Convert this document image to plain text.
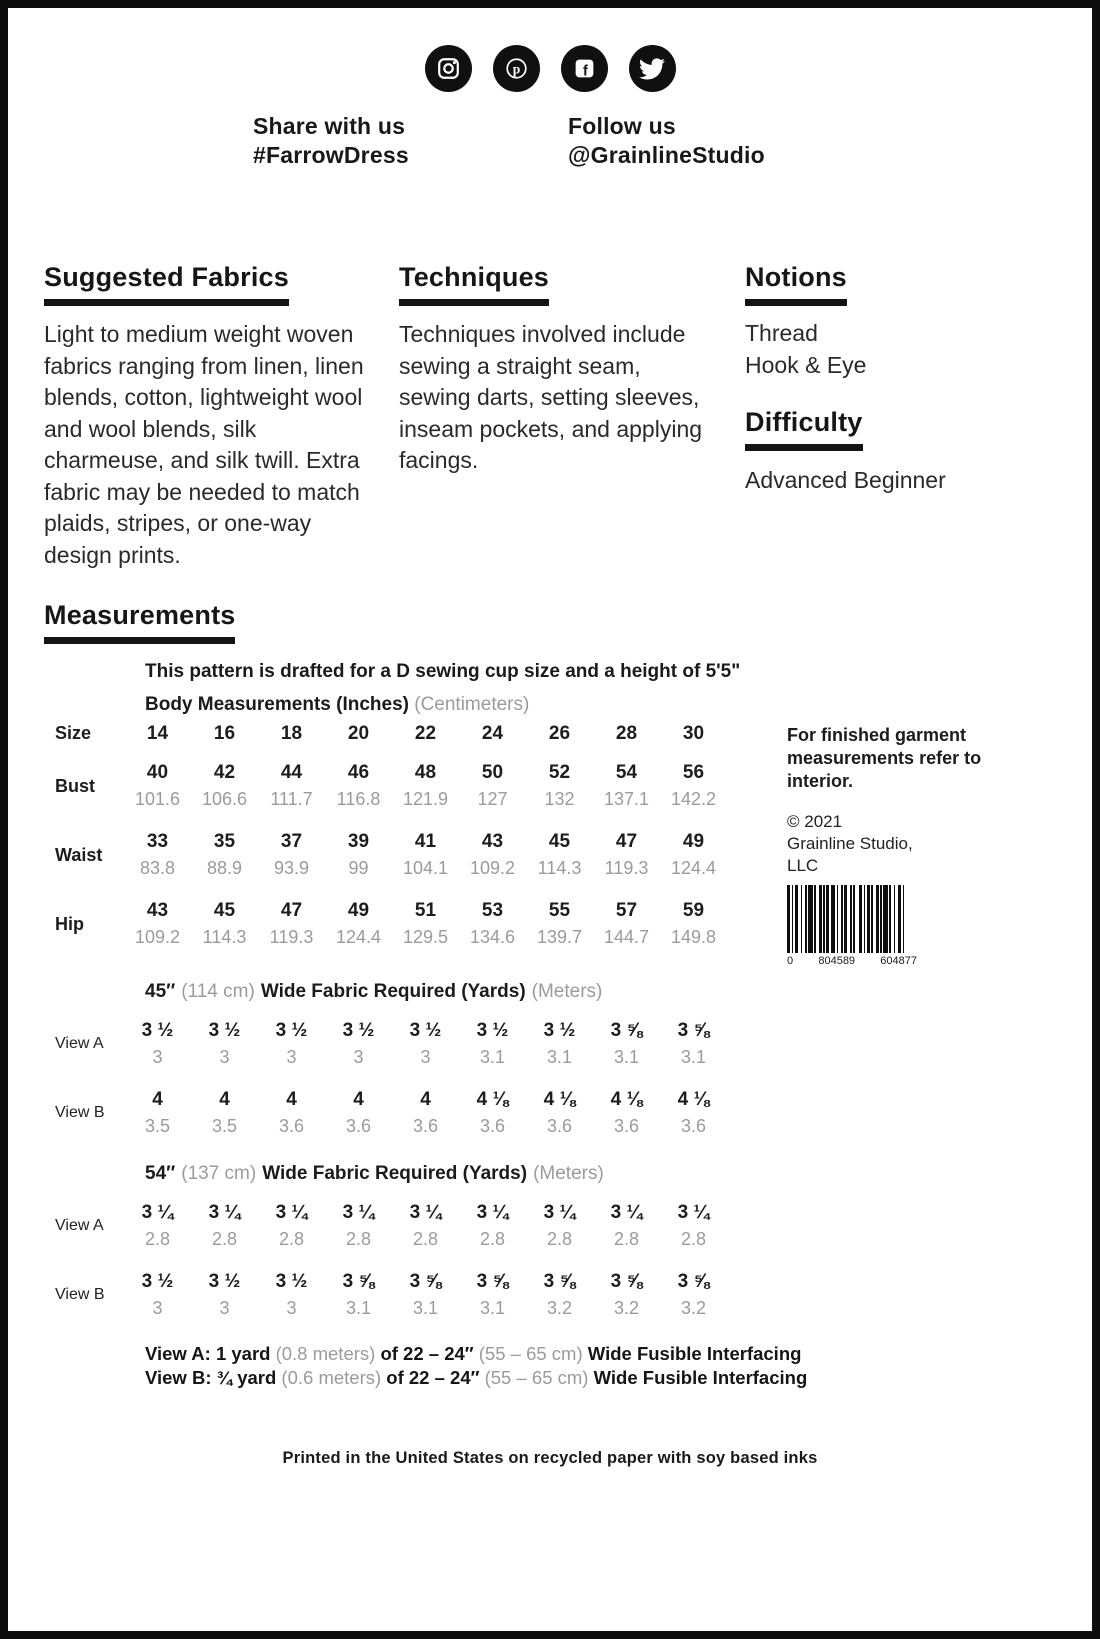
p	f
Share with us
#FarrowDress
Follow us
@GrainlineStudio
Suggested Fabrics

Light to medium weight woven fabrics ranging from linen, linen blends, cotton, lightweight wool and wool blends, silk charmeuse, and silk twill. Extra fabric may be needed to match plaids, stripes, or one-way design prints.

Techniques

Techniques involved include sewing a straight seam, sewing darts, setting sleeves, inseam pockets, and applying facings.

Notions
Thread
Hook & Eye
Difficulty
Advanced Beginner
Measurements
This pattern is drafted for a D sewing cup size and a height of 5'5"
Body Measurements (Inches) (Centimeters)
Size	14	16	18	20	22	24	26	28	30
Bust
40	42	44	46	48	50	52	54	56
101.6	106.6	111.7	116.8	121.9	127	132	137.1	142.2
Waist
33	35	37	39	41	43	45	47	49
83.8	88.9	93.9	99	104.1	109.2	114.3	119.3	124.4
Hip
43	45	47	49	51	53	55	57	59
109.2	114.3	119.3	124.4	129.5	134.6	139.7	144.7	149.8

For finished garment measurements refer to interior.

© 2021
Grainline Studio,
LLC
0 804589 604877
45″ (114 cm) Wide Fabric Required (Yards) (Meters)
View A
3 ½	3 ½	3 ½	3 ½	3 ½	3 ½	3 ½	3 ⅝	3 ⅝
3	3	3	3	3	3.1	3.1	3.1	3.1
View B
4	4	4	4	4	4 ⅛	4 ⅛	4 ⅛	4 ⅛
3.5	3.5	3.6	3.6	3.6	3.6	3.6	3.6	3.6
54″ (137 cm) Wide Fabric Required (Yards) (Meters)
View A
3 ¼	3 ¼	3 ¼	3 ¼	3 ¼	3 ¼	3 ¼	3 ¼	3 ¼
2.8	2.8	2.8	2.8	2.8	2.8	2.8	2.8	2.8
View B
3 ½	3 ½	3 ½	3 ⅝	3 ⅝	3 ⅝	3 ⅝	3 ⅝	3 ⅝
3	3	3	3.1	3.1	3.1	3.2	3.2	3.2
View A: 1 yard (0.8 meters) of 22 – 24″ (55 – 65 cm) Wide Fusible Interfacing
View B: ¾ yard (0.6 meters) of 22 – 24″ (55 – 65 cm) Wide Fusible Interfacing
Printed in the United States on recycled paper with soy based inks
